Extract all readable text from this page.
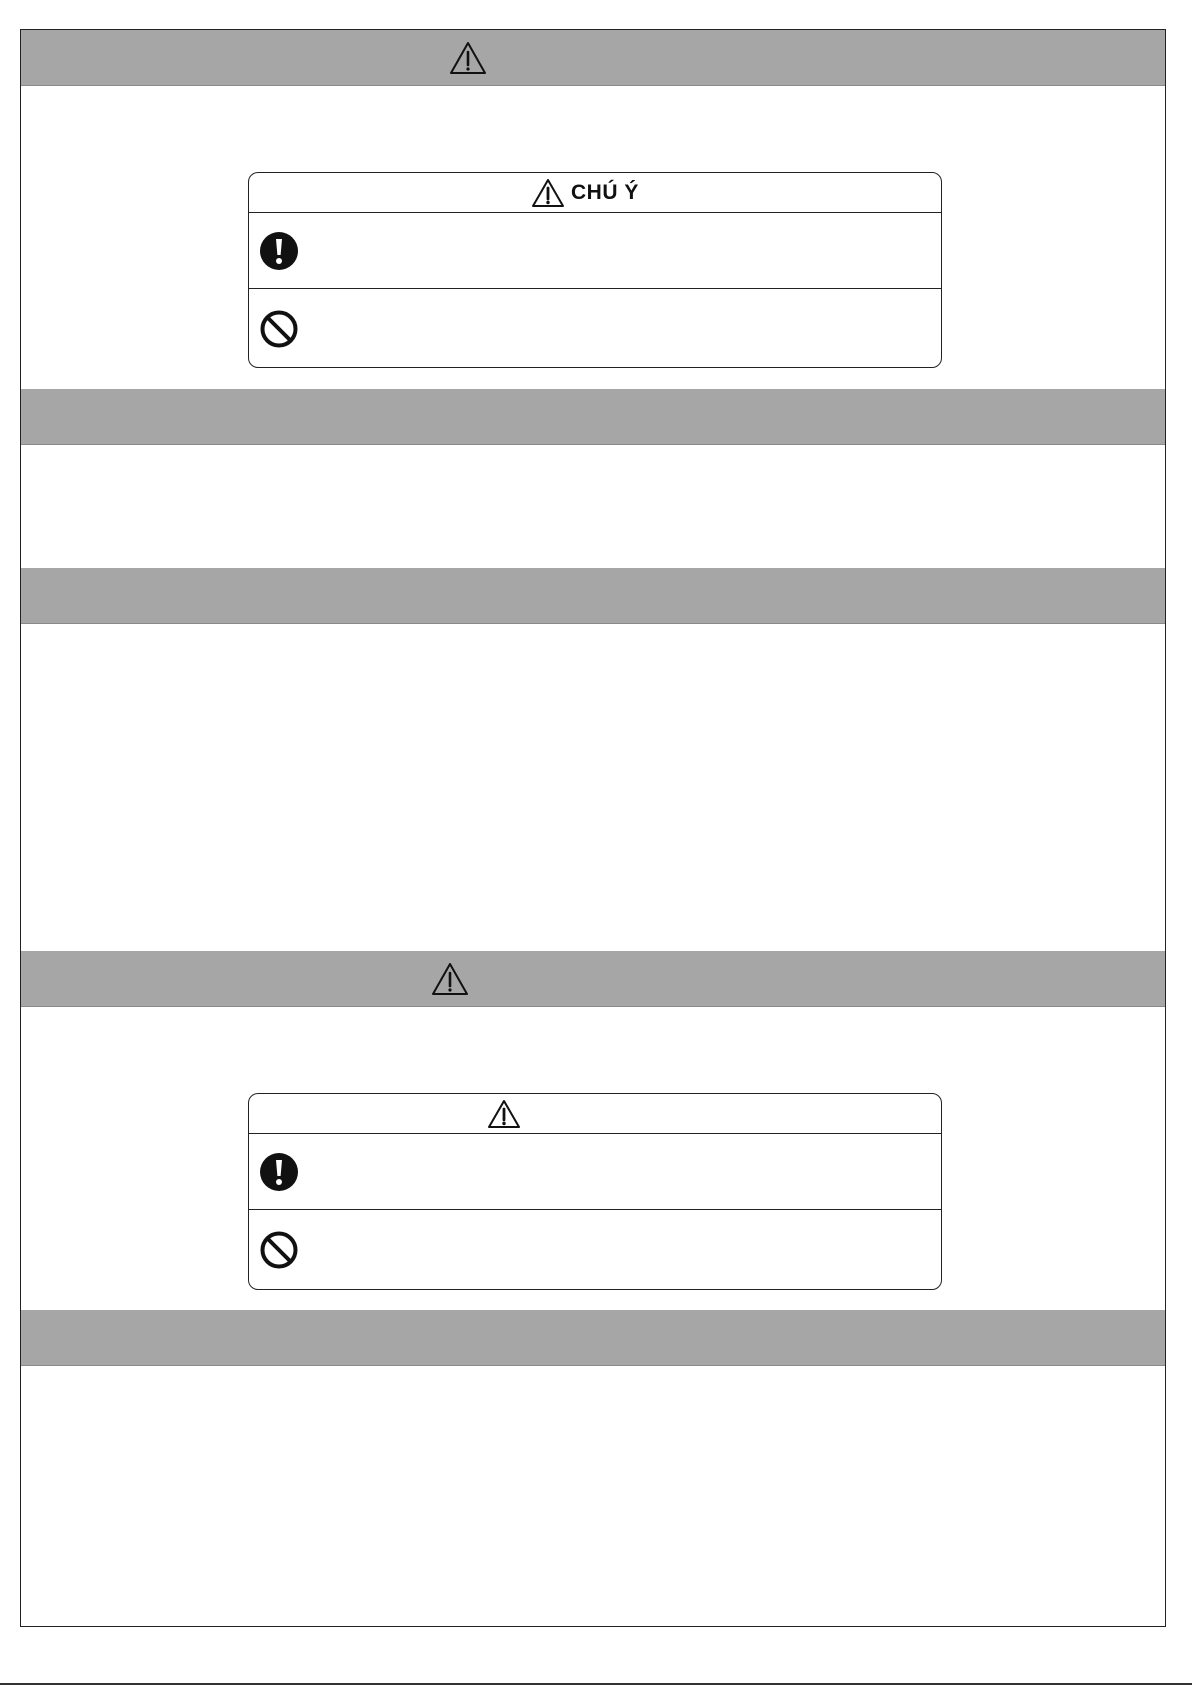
CHÚ Ý
